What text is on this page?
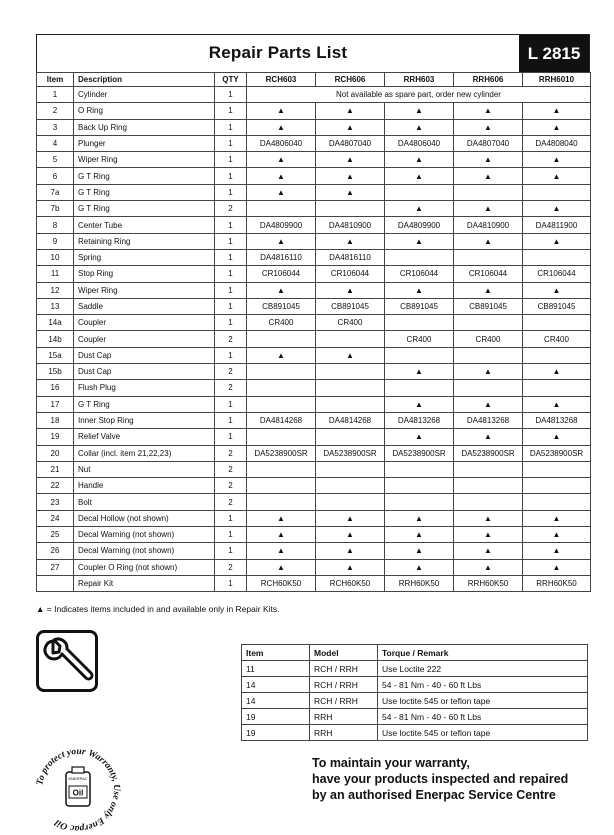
Repair Parts List	L 2815
Item	Description	QTY	RCH603	RCH606	RRH603	RRH606	RRH6010
1	Cylinder	1	Not available as spare part, order new cylinder				
2	O Ring	1	▲	▲	▲	▲	▲
3	Back Up Ring	1	▲	▲	▲	▲	▲
4	Plunger	1	DA4806040	DA4807040	DA4806040	DA4807040	DA4808040
5	Wiper Ring	1	▲	▲	▲	▲	▲
6	G T Ring	1	▲	▲	▲	▲	▲
7a	G T Ring	1	▲	▲			
7b	G T Ring	2			▲	▲	▲
8	Center Tube	1	DA4809900	DA4810900	DA4809900	DA4810900	DA4811900
9	Retaining Ring	1	▲	▲	▲	▲	▲
10	Spring	1	DA4816110	DA4816110			
11	Stop Ring	1	CR106044	CR106044	CR106044	CR106044	CR106044
12	Wiper Ring	1	▲	▲	▲	▲	▲
13	Saddle	1	CB891045	CB891045	CB891045	CB891045	CB891045
14a	Coupler	1	CR400	CR400			
14b	Coupler	2			CR400	CR400	CR400
15a	Dust Cap	1	▲	▲			
15b	Dust Cap	2			▲	▲	▲
16	Flush Plug	2					
17	G T Ring	1			▲	▲	▲
18	Inner Stop Ring	1	DA4814268	DA4814268	DA4813268	DA4813268	DA4813268
19	Relief Valve	1			▲	▲	▲
20	Collar (incl. item 21,22,23)	2	DA5238900SR	DA5238900SR	DA5238900SR	DA5238900SR	DA5238900SR
21	Nut	2					
22	Handle	2					
23	Bolt	2					
24	Decal Hollow (not shown)	1	▲	▲	▲	▲	▲
25	Decal Warning (not shown)	1	▲	▲	▲	▲	▲
26	Decal Warning (not shown)	1	▲	▲	▲	▲	▲
27	Coupler O Ring (not shown)	2	▲	▲	▲	▲	▲
	Repair Kit	1	RCH60K50	RCH60K50	RRH60K50	RRH60K50	RRH60K50
▲ = Indicates items included in and available only in Repair Kits.
Item	Model	Torque / Remark
11	RCH / RRH	Use Loctite 222
14	RCH / RRH	54 - 81 Nm - 40 - 60 ft Lbs
14	RCH / RRH	Use loctite 545 or teflon tape
19	RRH	54 - 81 Nm - 40 - 60 ft Lbs
19	RRH	Use loctite 545 or teflon tape
To protect your Warranty, Use only Enerpac Oil
ENERPAC
Oil
To maintain your warranty,
have your products inspected and repaired
by an authorised Enerpac Service Centre
